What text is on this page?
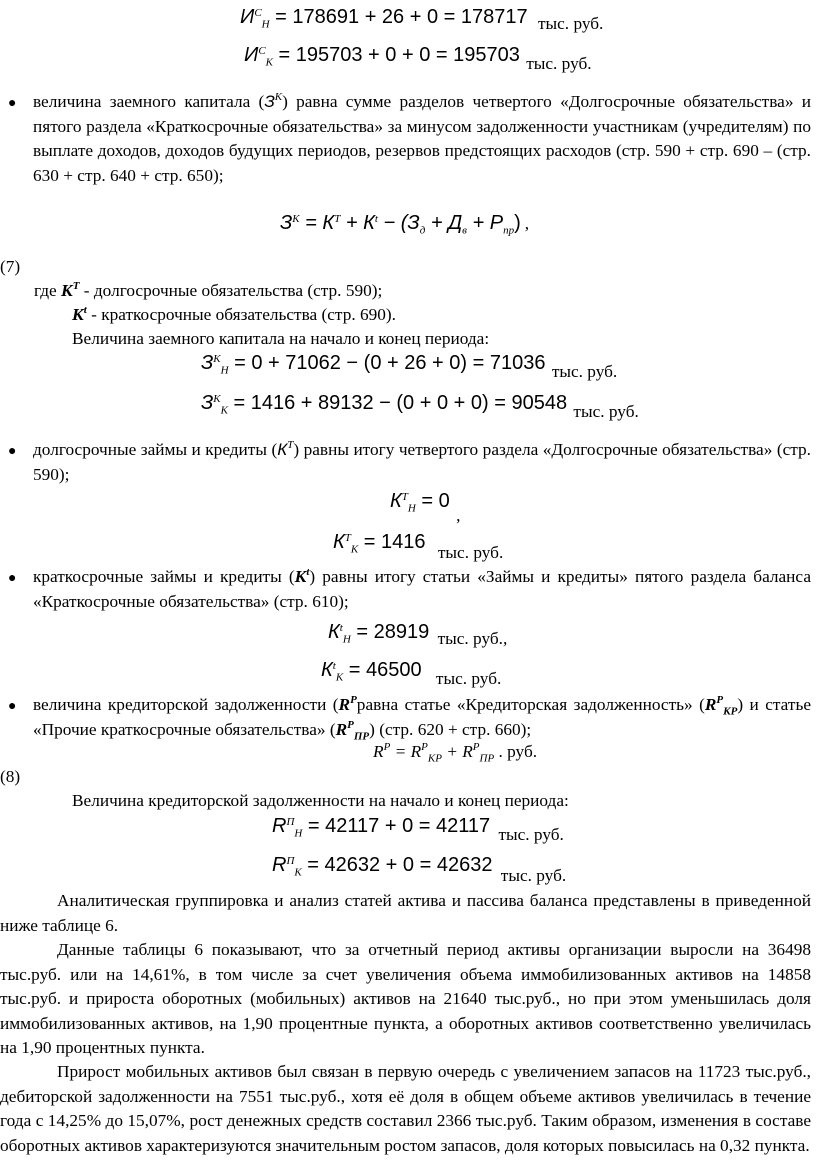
$И^С_Н = 178691 + 26 + 0 = 178717$ тыс. руб.
$И^С_К = 195703 + 0 + 0 = 195703$ тыс. руб.
● величина заемного капитала $(З^К)$ равна сумме разделов четвертого «Долгосрочные обязательства» и пятого раздела «Краткосрочные обязательства» за минусом задолженности участникам (учредителям) по выплате доходов, доходов будущих периодов, резервов предстоящих расходов (стр. 590 + стр. 690 – (стр. 630 + стр. 640 + стр. 650);
$З^К = К^Т + К^t - (З_д + Д_в + Р_{пр})$ ,
(7)
где $К^Т$ - долгосрочные обязательства (стр. 590);
$К^t$ - краткосрочные обязательства (стр. 690).
Величина заемного капитала на начало и конец периода:
$З^К_Н = 0 + 71062 - (0 + 26 + 0) = 71036$ тыс. руб.
$З^К_К = 1416 + 89132 - (0 + 0 + 0) = 90548$ тыс. руб.
● долгосрочные займы и кредиты $(К^Т)$ равны итогу четвертого раздела «Долгосрочные обязательства» (стр. 590);
$К^Т_Н = 0$ ,
$К^Т_К = 1416$ тыс. руб.
● краткосрочные займы и кредиты $(К^t)$ равны итогу статьи «Займы и кредиты» пятого раздела баланса «Краткосрочные обязательства» (стр. 610);
$К^t_Н = 28919$ тыс. руб.,
$К^t_К = 46500$ тыс. руб.
● величина кредиторской задолженности ($R^Pравна$ статье «Кредиторская задолженность» $(R^P_{КР})$ и статье «Прочие краткосрочные обязательства» $(R^P_{ПР})$ (стр. 620 + стр. 660);
$R^P = R^P_{КР} + R^P_{ПР}$ . руб.
(8)
Величина кредиторской задолженности на начало и конец периода:
$R^П_Н = 42117 + 0 = 42117$ тыс. руб.
$R^П_К = 42632 + 0 = 42632$ тыс. руб.
Аналитическая группировка и анализ статей актива и пассива баланса представлены в приведенной ниже таблице 6.
Данные таблицы 6 показывают, что за отчетный период активы организации выросли на 36498 тыс.руб. или на 14,61%, в том числе за счет увеличения объема иммобилизованных активов на 14858 тыс.руб. и прироста оборотных (мобильных) активов на 21640 тыс.руб., но при этом уменьшилась доля иммобилизованных активов, на 1,90 процентные пункта, а оборотных активов соответственно увеличилась на 1,90 процентных пункта.
Прирост мобильных активов был связан в первую очередь с увеличением запасов на 11723 тыс.руб., дебиторской задолженности на 7551 тыс.руб., хотя её доля в общем объеме активов увеличилась в течение года с 14,25% до 15,07%, рост денежных средств составил 2366 тыс.руб. Таким образом, изменения в составе оборотных активов характеризуются значительным ростом запасов, доля которых повысилась на 0,32 пункта.
